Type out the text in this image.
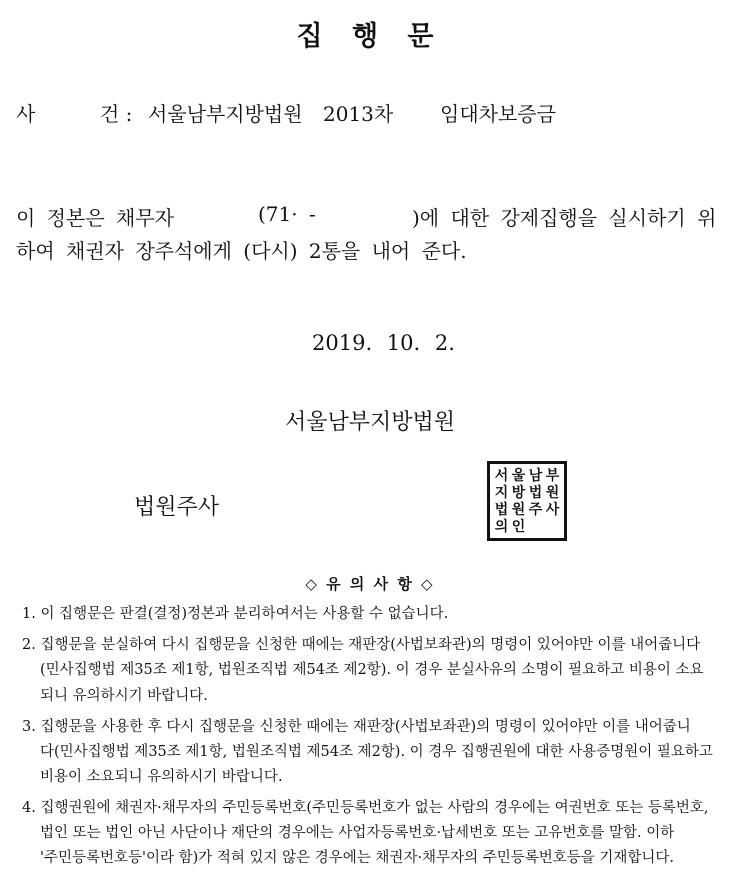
집 행 문
사	건 : 서울남부지방법원 2013차 임대차보증금
이 정본은 채무자	(71· -	)에 대한 강제집행을 실시하기 위
하여 채권자 장주석에게 (다시) 2통을 내어 준다.
2019. 10. 2.
서울남부지방법원
법원주사
서 울 남 부
지 방 법 원
법 원 주 사
의 인
◇ 유 의 사 항 ◇
1. 이 집행문은 판결(결정)정본과 분리하여서는 사용할 수 없습니다.
2. 집행문을 분실하여 다시 집행문을 신청한 때에는 재판장(사법보좌관)의 명령이 있어야만 이를 내어줍니다
(민사집행법 제35조 제1항, 법원조직법 제54조 제2항). 이 경우 분실사유의 소명이 필요하고 비용이 소요
되니 유의하시기 바랍니다.
3. 집행문을 사용한 후 다시 집행문을 신청한 때에는 재판장(사법보좌관)의 명령이 있어야만 이를 내어줍니
다(민사집행법 제35조 제1항, 법원조직법 제54조 제2항). 이 경우 집행권원에 대한 사용증명원이 필요하고
비용이 소요되니 유의하시기 바랍니다.
4. 집행권원에 채권자·채무자의 주민등록번호(주민등록번호가 없는 사람의 경우에는 여권번호 또는 등록번호,
법인 또는 법인 아닌 사단이나 재단의 경우에는 사업자등록번호·납세번호 또는 고유번호를 말함. 이하
'주민등록번호등'이라 함)가 적혀 있지 않은 경우에는 채권자·채무자의 주민등록번호등을 기재합니다.
